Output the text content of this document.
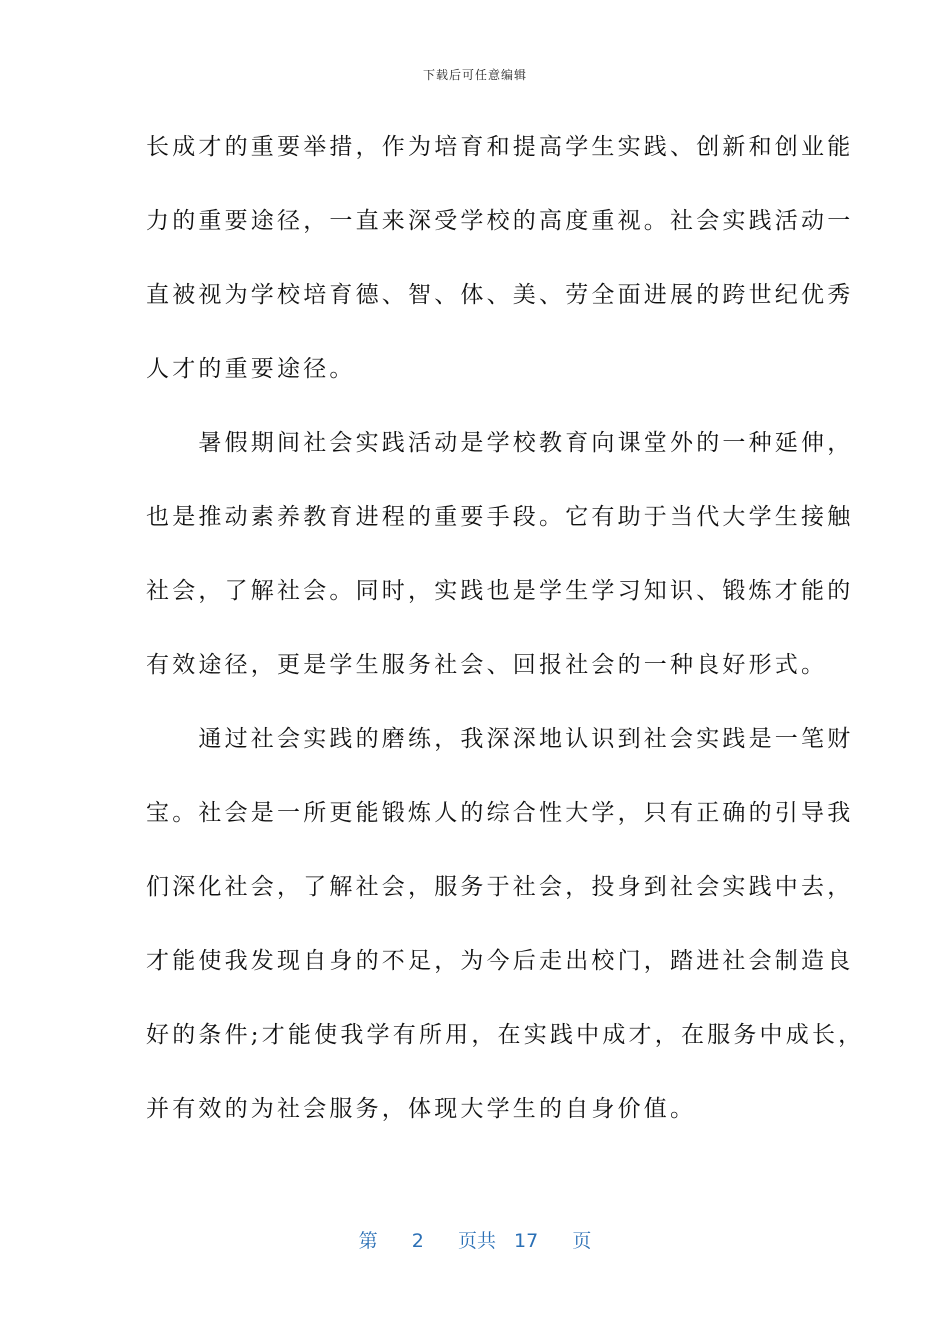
下载后可任意编辑
长成才的重要举措，作为培育和提高学生实践、创新和创业能
力的重要途径，一直来深受学校的高度重视。社会实践活动一
直被视为学校培育德、智、体、美、劳全面进展的跨世纪优秀
人才的重要途径。
　　暑假期间社会实践活动是学校教育向课堂外的一种延伸，
也是推动素养教育进程的重要手段。它有助于当代大学生接触
社会，了解社会。同时，实践也是学生学习知识、锻炼才能的
有效途径，更是学生服务社会、回报社会的一种良好形式。
　　通过社会实践的磨练，我深深地认识到社会实践是一笔财
宝。社会是一所更能锻炼人的综合性大学，只有正确的引导我
们深化社会，了解社会，服务于社会，投身到社会实践中去，
才能使我发现自身的不足，为今后走出校门，踏进社会制造良
好的条件;才能使我学有所用，在实践中成才，在服务中成长，
并有效的为社会服务，体现大学生的自身价值。
第 2 页共 17 页
